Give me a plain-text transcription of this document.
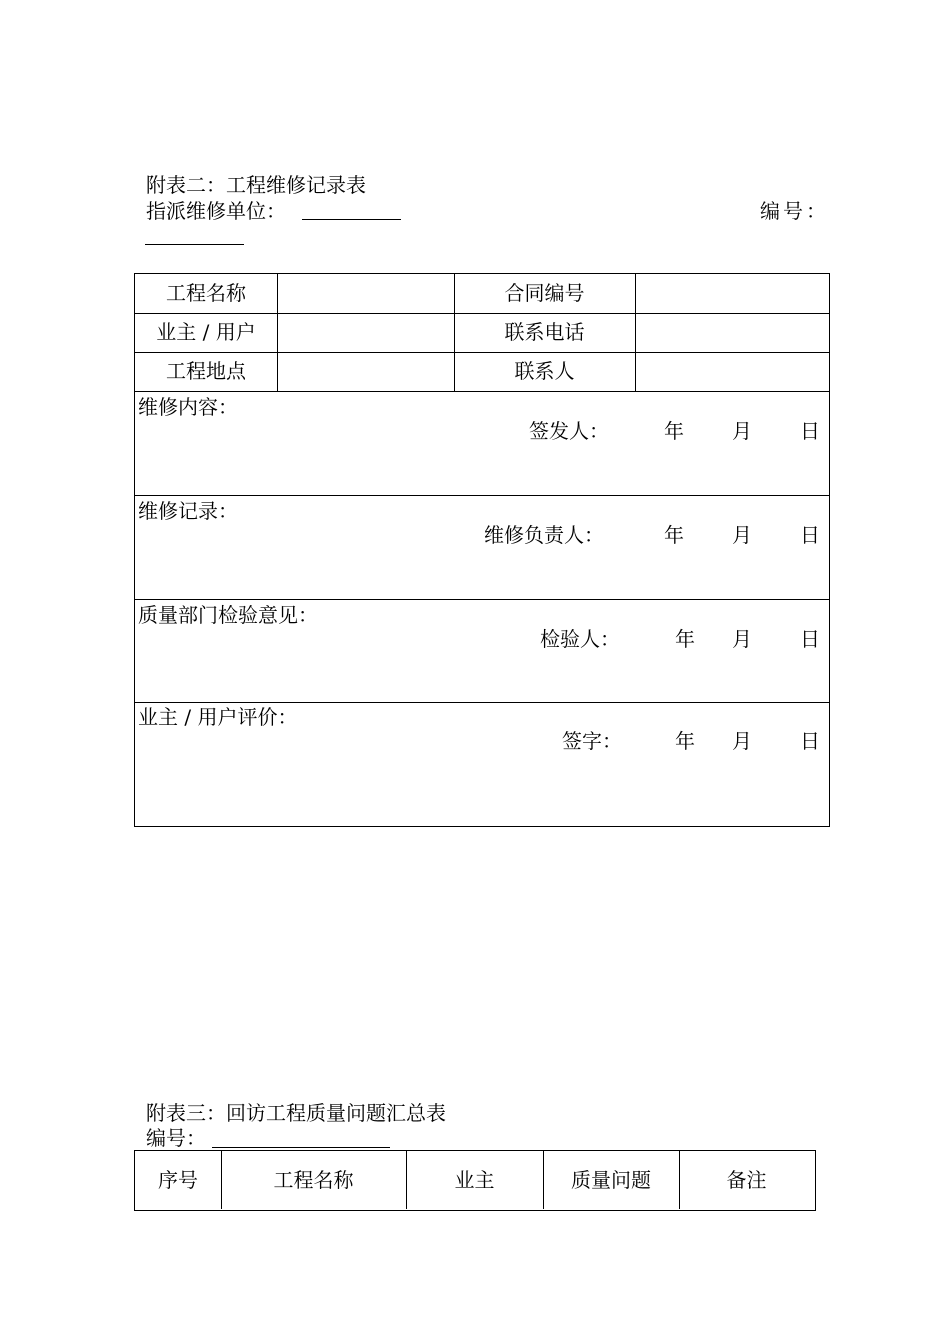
附表二：工程维修记录表
指派维修单位：	编号：
工程名称	合同编号
业主 / 用户	联系电话
工程地点	联系人
维修内容：
签发人：	年 月 日
维修记录：
维修负责人：	年 月 日
质量部门检验意见：
检验人：	年 月 日
业主 / 用户评价：
签字：	年 月 日
附表三：回访工程质量问题汇总表
编号：
序号	工程名称	业主	质量问题	备注
